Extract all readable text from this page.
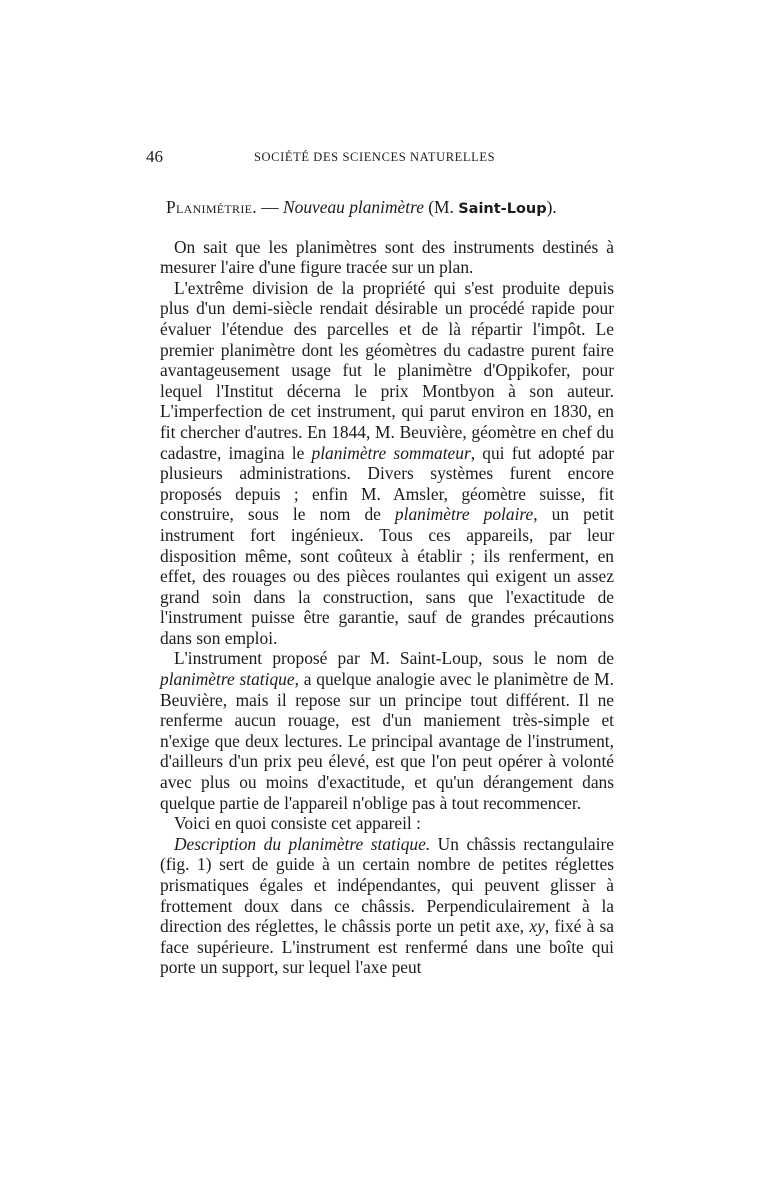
46	SOCIÉTÉ DES SCIENCES NATURELLES

Planimétrie. — Nouveau planimètre (M. Saint-Loup).

On sait que les planimètres sont des instruments destinés à mesurer l'aire d'une figure tracée sur un plan.

L'extrême division de la propriété qui s'est produite depuis plus d'un demi-siècle rendait désirable un procédé rapide pour évaluer l'étendue des parcelles et de là répartir l'impôt. Le premier planimètre dont les géomètres du cadastre purent faire avantageusement usage fut le planimètre d'Oppikofer, pour lequel l'Institut décerna le prix Montbyon à son auteur. L'imperfection de cet instrument, qui parut environ en 1830, en fit chercher d'autres. En 1844, M. Beuvière, géomètre en chef du cadastre, imagina le planimètre sommateur, qui fut adopté par plusieurs administrations. Divers systèmes furent encore proposés depuis ; enfin M. Amsler, géomètre suisse, fit construire, sous le nom de planimètre polaire, un petit instrument fort ingénieux. Tous ces appareils, par leur disposition même, sont coûteux à établir ; ils renferment, en effet, des rouages ou des pièces roulantes qui exigent un assez grand soin dans la construction, sans que l'exactitude de l'instrument puisse être garantie, sauf de grandes précautions dans son emploi.

L'instrument proposé par M. Saint-Loup, sous le nom de planimètre statique, a quelque analogie avec le planimètre de M. Beuvière, mais il repose sur un principe tout différent. Il ne renferme aucun rouage, est d'un maniement très-simple et n'exige que deux lectures. Le principal avantage de l'instrument, d'ailleurs d'un prix peu élevé, est que l'on peut opérer à volonté avec plus ou moins d'exactitude, et qu'un dérangement dans quelque partie de l'appareil n'oblige pas à tout recommencer.

Voici en quoi consiste cet appareil :

Description du planimètre statique. Un châssis rectangulaire (fig. 1) sert de guide à un certain nombre de petites réglettes prismatiques égales et indépendantes, qui peuvent glisser à frottement doux dans ce châssis. Perpendiculairement à la direction des réglettes, le châssis porte un petit axe, xy, fixé à sa face supérieure. L'instrument est renfermé dans une boîte qui porte un support, sur lequel l'axe peut
